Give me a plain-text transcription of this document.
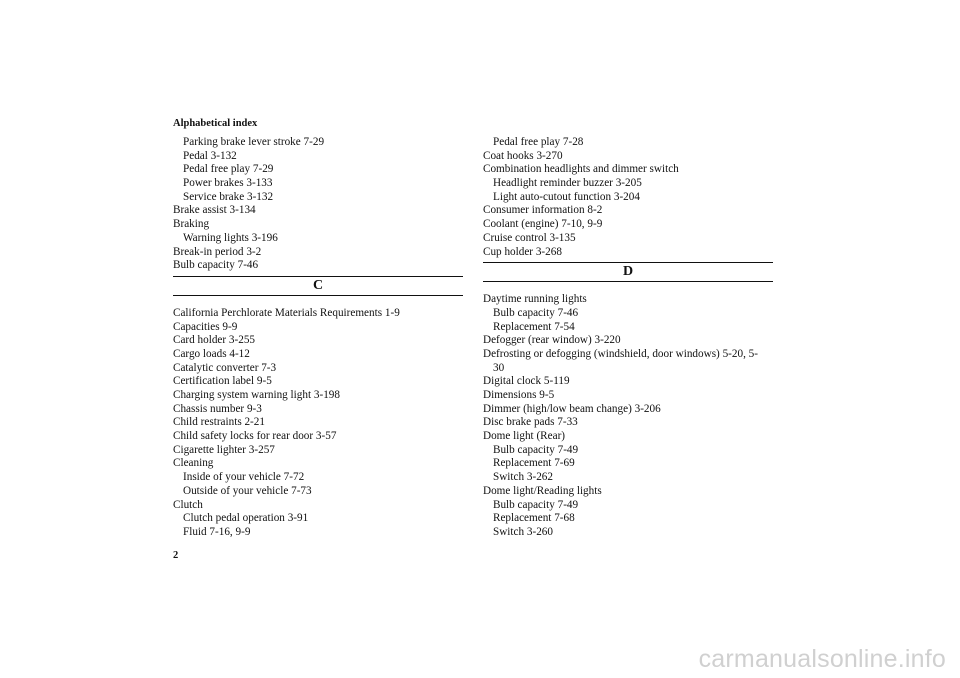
Alphabetical index
Parking brake lever stroke 7-29
Pedal 3-132
Pedal free play 7-29
Power brakes 3-133
Service brake 3-132
Brake assist 3-134
Braking
Warning lights 3-196
Break-in period 3-2
Bulb capacity 7-46
C
California Perchlorate Materials Requirements 1-9
Capacities 9-9
Card holder 3-255
Cargo loads 4-12
Catalytic converter 7-3
Certification label 9-5
Charging system warning light 3-198
Chassis number 9-3
Child restraints 2-21
Child safety locks for rear door 3-57
Cigarette lighter 3-257
Cleaning
Inside of your vehicle 7-72
Outside of your vehicle 7-73
Clutch
Clutch pedal operation 3-91
Fluid 7-16, 9-9
Pedal free play 7-28
Coat hooks 3-270
Combination headlights and dimmer switch
Headlight reminder buzzer 3-205
Light auto-cutout function 3-204
Consumer information 8-2
Coolant (engine) 7-10, 9-9
Cruise control 3-135
Cup holder 3-268
D
Daytime running lights
Bulb capacity 7-46
Replacement 7-54
Defogger (rear window) 3-220
Defrosting or defogging (windshield, door windows) 5-20, 5-
30
Digital clock 5-119
Dimensions 9-5
Dimmer (high/low beam change) 3-206
Disc brake pads 7-33
Dome light (Rear)
Bulb capacity 7-49
Replacement 7-69
Switch 3-262
Dome light/Reading lights
Bulb capacity 7-49
Replacement 7-68
Switch 3-260
2
carmanualsonline.info
